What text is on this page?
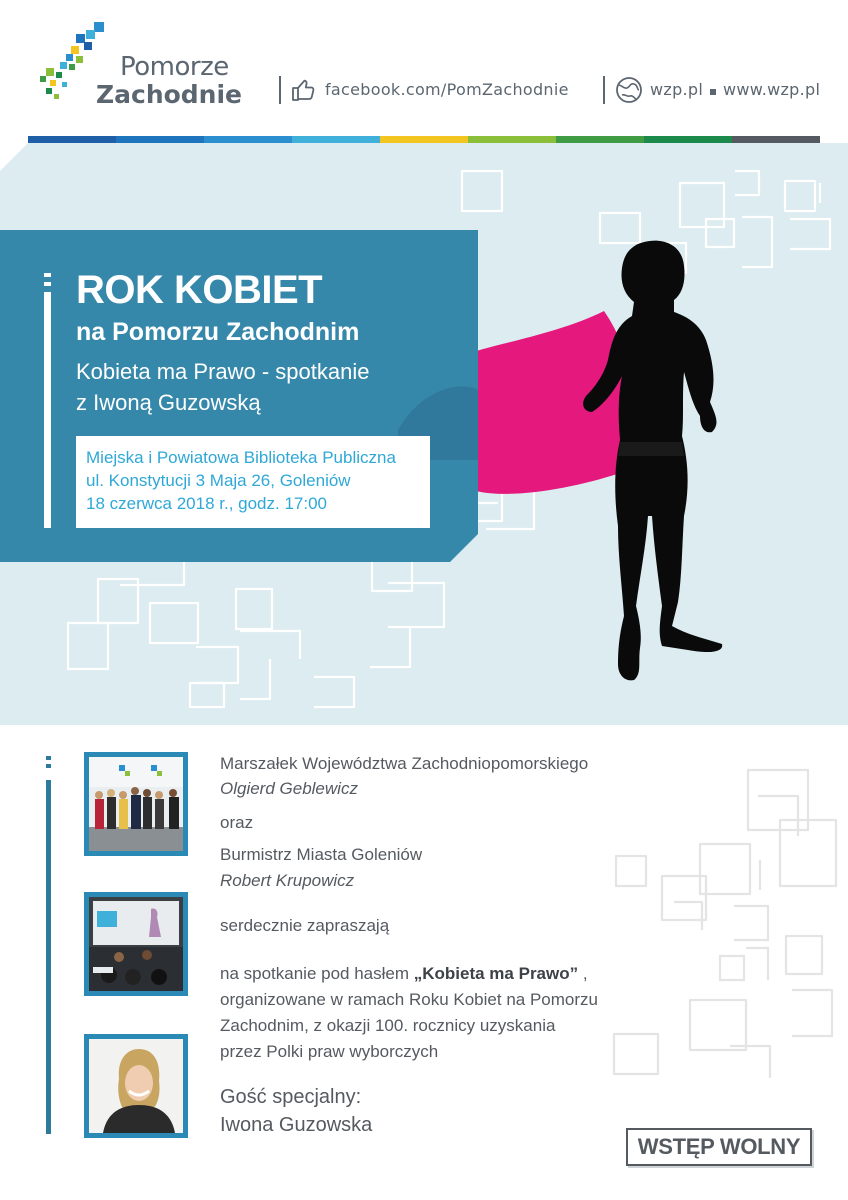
Pomorze
Zachodnie	facebook.com/PomZachodnie	wzp.pl www.wzp.pl
ROK KOBIET
na Pomorzu Zachodnim
Kobieta ma Prawo - spotkanie
z Iwoną Guzowską
Miejska i Powiatowa Biblioteka Publiczna
ul. Konstytucji 3 Maja 26, Goleniów
18 czerwca 2018 r., godz. 17:00
Marszałek Województwa Zachodniopomorskiego
Olgierd Geblewicz
oraz
Burmistrz Miasta Goleniów
Robert Krupowicz
serdecznie zapraszają
na spotkanie pod hasłem „Kobieta ma Prawo” ,
organizowane w ramach Roku Kobiet na Pomorzu
Zachodnim, z okazji 100. rocznicy uzyskania
przez Polki praw wyborczych
Gość specjalny:
Iwona Guzowska
WSTĘP WOLNY
